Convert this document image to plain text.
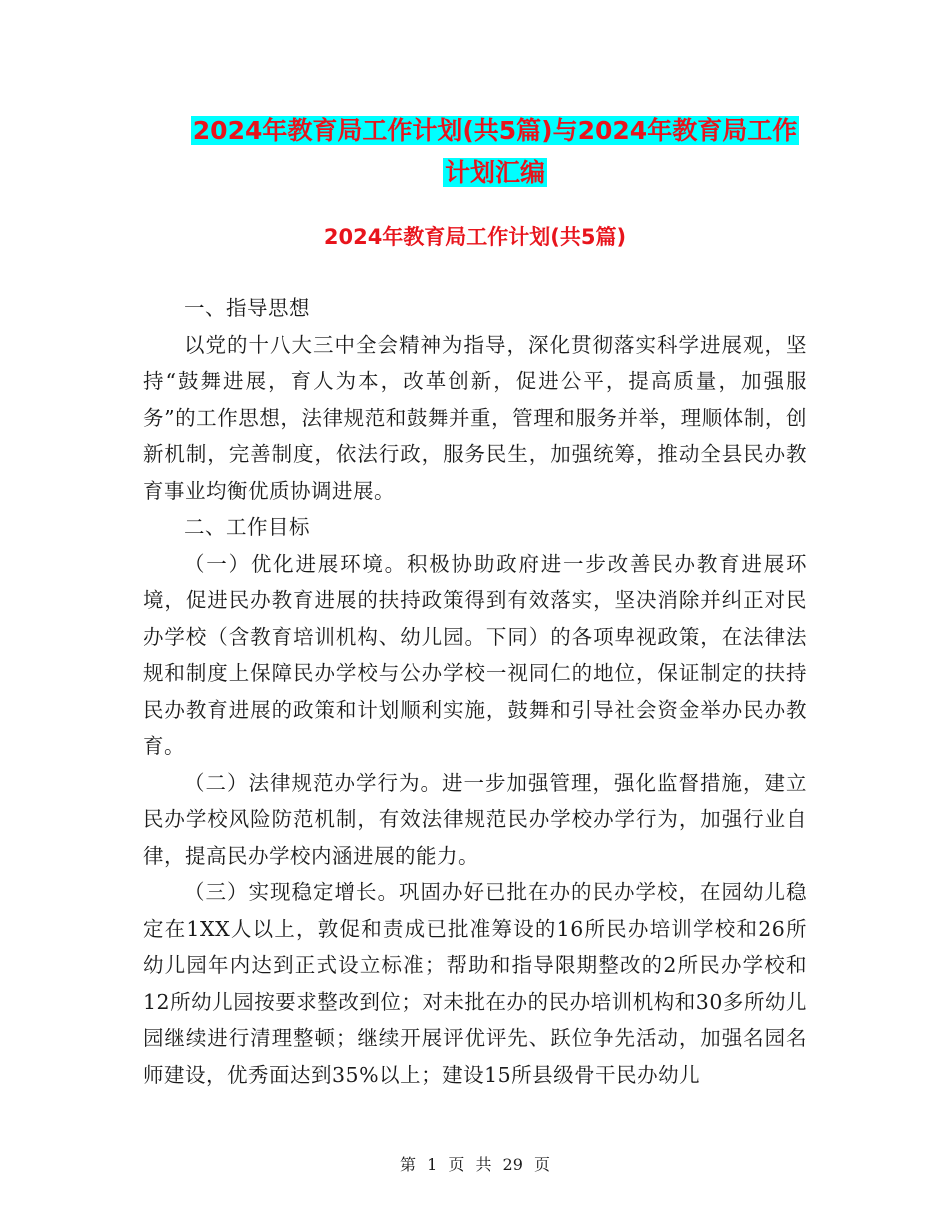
2024年教育局工作计划(共5篇)与2024年教育局工作
计划汇编
2024年教育局工作计划(共5篇)

一、指导思想

以党的十八大三中全会精神为指导，深化贯彻落实科学进展观，坚持“鼓舞进展，育人为本，改革创新，促进公平，提高质量，加强服务”的工作思想，法律规范和鼓舞并重，管理和服务并举，理顺体制，创新机制，完善制度，依法行政，服务民生，加强统筹，推动全县民办教育事业均衡优质协调进展。

二、工作目标

（一）优化进展环境。积极协助政府进一步改善民办教育进展环境，促进民办教育进展的扶持政策得到有效落实，坚决消除并纠正对民办学校（含教育培训机构、幼儿园。下同）的各项卑视政策，在法律法规和制度上保障民办学校与公办学校一视同仁的地位，保证制定的扶持民办教育进展的政策和计划顺利实施，鼓舞和引导社会资金举办民办教育。

（二）法律规范办学行为。进一步加强管理，强化监督措施，建立民办学校风险防范机制，有效法律规范民办学校办学行为，加强行业自律，提高民办学校内涵进展的能力。

（三）实现稳定增长。巩固办好已批在办的民办学校，在园幼儿稳定在1XX人以上，敦促和责成已批准筹设的16所民办培训学校和26所幼儿园年内达到正式设立标准；帮助和指导限期整改的2所民办学校和12所幼儿园按要求整改到位；对未批在办的民办培训机构和30多所幼儿园继续进行清理整顿；继续开展评优评先、跃位争先活动，加强名园名师建设，优秀面达到35%以上；建设15所县级骨干民办幼儿

第 1 页 共 29 页
